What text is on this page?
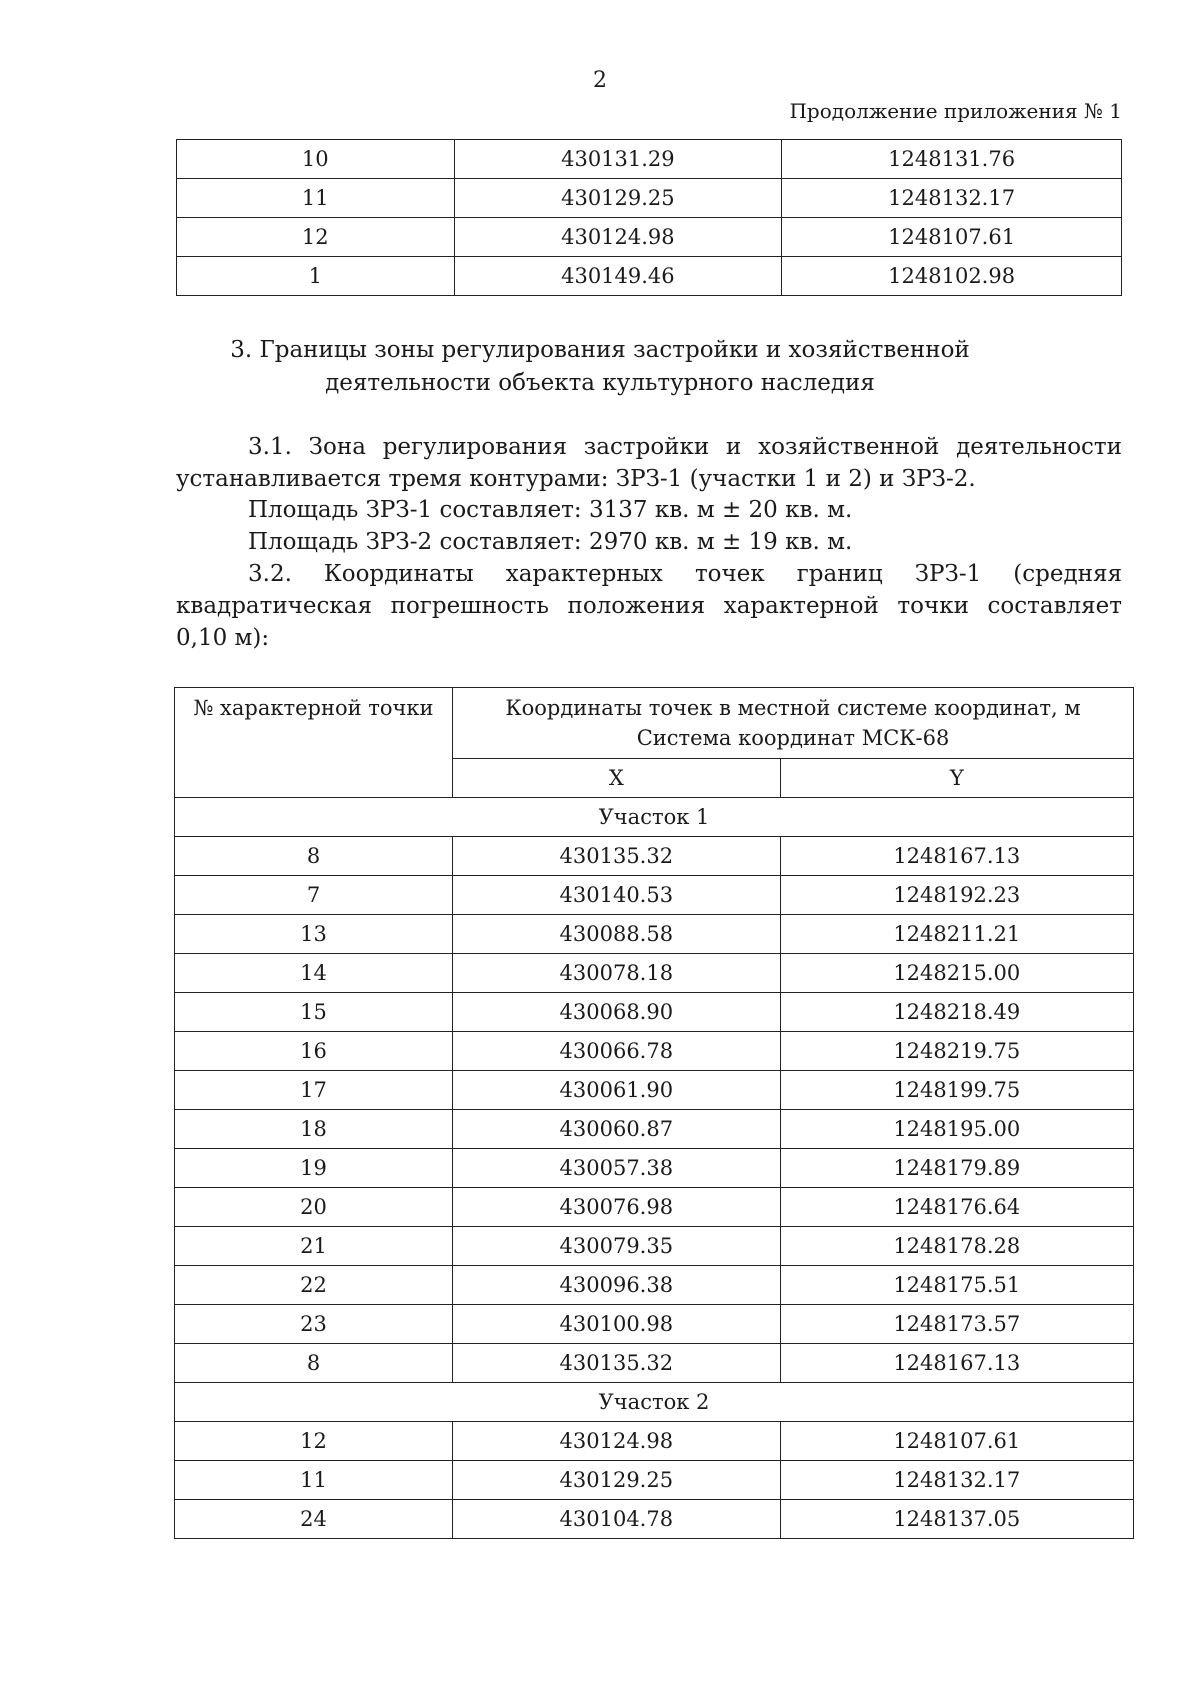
2
Продолжение приложения № 1
10	430131.29	1248131.76
11	430129.25	1248132.17
12	430124.98	1248107.61
1	430149.46	1248102.98
3. Границы зоны регулирования застройки и хозяйственной
деятельности объекта культурного наследия
3.1. Зона регулирования застройки и хозяйственной деятельности устанавливается тремя контурами: ЗРЗ-1 (участки 1 и 2) и ЗРЗ-2.
Площадь ЗРЗ-1 составляет: 3137 кв. м ± 20 кв. м.
Площадь ЗРЗ-2 составляет: 2970 кв. м ± 19 кв. м.
3.2. Координаты характерных точек границ ЗРЗ-1 (средняя квадратическая погрешность положения характерной точки составляет 0,10 м):
№ характерной точки	Координаты точек в местной системе координат, м
Система координат МСК-68	

	X	Y
Участок 1		
8	430135.32	1248167.13
7	430140.53	1248192.23
13	430088.58	1248211.21
14	430078.18	1248215.00
15	430068.90	1248218.49
16	430066.78	1248219.75
17	430061.90	1248199.75
18	430060.87	1248195.00
19	430057.38	1248179.89
20	430076.98	1248176.64
21	430079.35	1248178.28
22	430096.38	1248175.51
23	430100.98	1248173.57
8	430135.32	1248167.13
Участок 2		
12	430124.98	1248107.61
11	430129.25	1248132.17
24	430104.78	1248137.05
